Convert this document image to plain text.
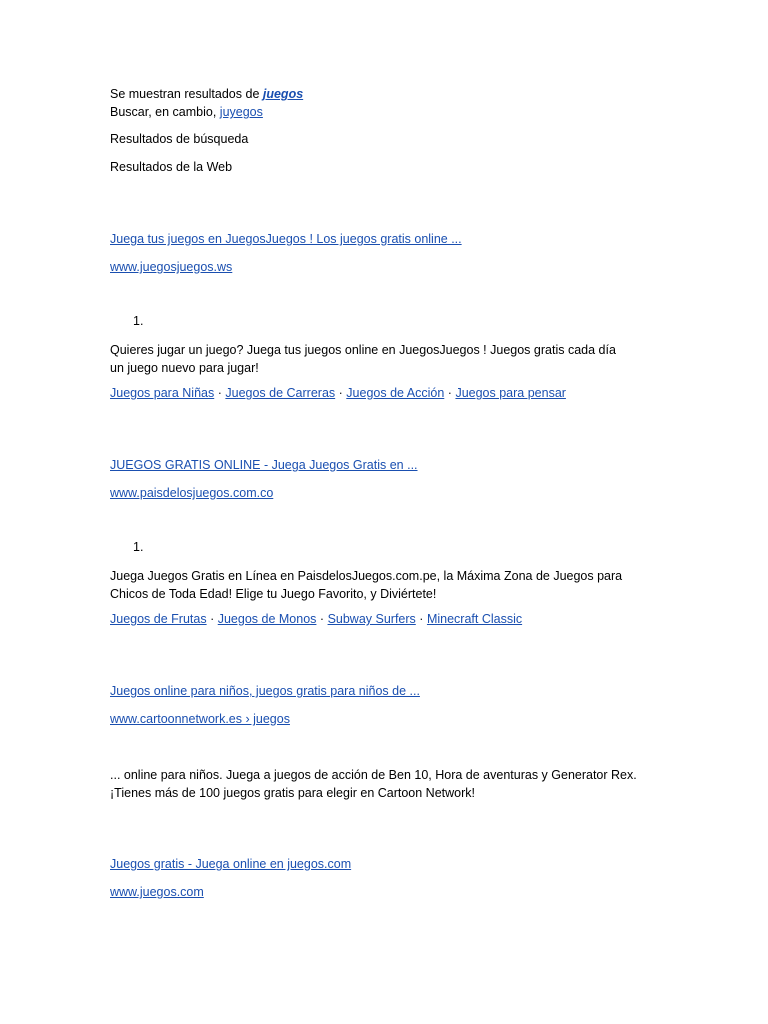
Se muestran resultados de juegos
Buscar, en cambio, juyegos
Resultados de búsqueda
Resultados de la Web
Juega tus juegos en JuegosJuegos ! Los juegos gratis online ...
www.juegosjuegos.ws
1.
Quieres jugar un juego? Juega tus juegos online en JuegosJuegos ! Juegos gratis cada día
un juego nuevo para jugar!
Juegos para Niñas · Juegos de Carreras · Juegos de Acción · Juegos para pensar
JUEGOS GRATIS ONLINE - Juega Juegos Gratis en ...
www.paisdelosjuegos.com.co
1.
Juega Juegos Gratis en Línea en PaisdelosJuegos.com.pe, la Máxima Zona de Juegos para
Chicos de Toda Edad! Elige tu Juego Favorito, y Diviértete!
Juegos de Frutas · Juegos de Monos · Subway Surfers · Minecraft Classic
Juegos online para niños, juegos gratis para niños de ...
www.cartoonnetwork.es › juegos
... online para niños. Juega a juegos de acción de Ben 10, Hora de aventuras y Generator Rex.
¡Tienes más de 100 juegos gratis para elegir en Cartoon Network!
Juegos gratis - Juega online en juegos.com
www.juegos.com
